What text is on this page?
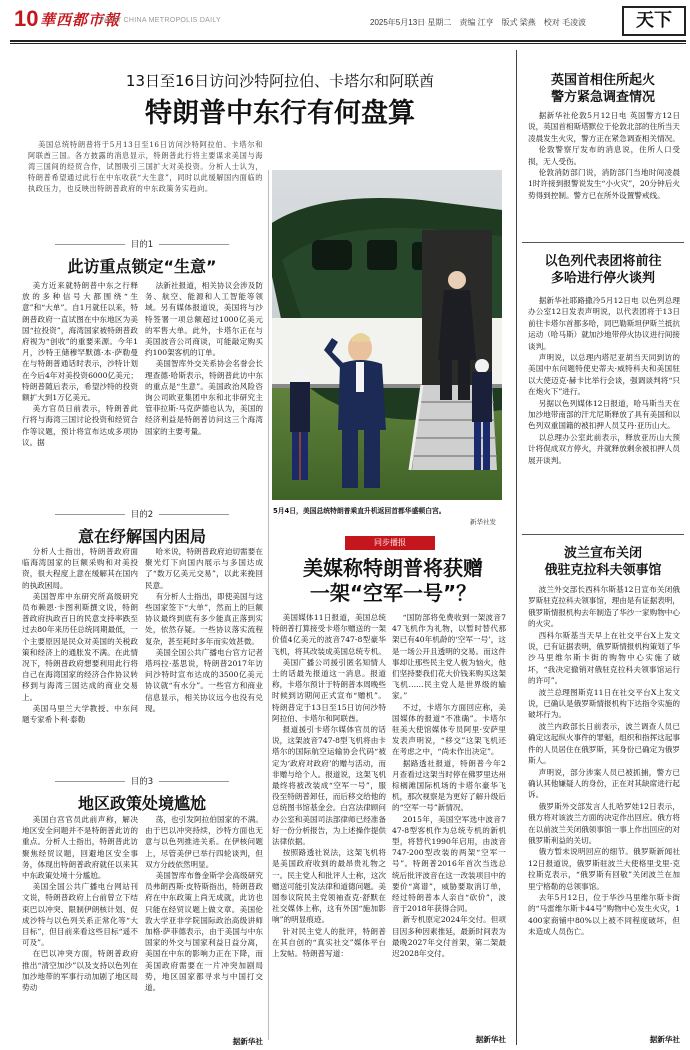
10 華西都市報
WEST CHINA METROPOLIS DAILY	2025年5月13日 星期二　责编 江亨　版式 梁燕　校对 毛凌波	天下
13日至16日访问沙特阿拉伯、卡塔尔和阿联酋
特朗普中东行有何盘算
美国总统特朗普将于5月13日至16日访问沙特阿拉伯、卡塔尔和阿联酋三国。各方披露的消息显示，特朗普此行将主要谋求美国与海湾三国间的经贸合作，试图吸引三国扩大对美投资。分析人士认为，特朗普希望通过此行在中东收获“大生意”，同时以此缓解国内面临的执政压力，也反映出特朗普政府的中东政策务实趋向。
目的1
此访重点锁定“生意”

美方近来就特朗普中东之行释放的多种信号大都围绕“生意”和“大单”。自1月就任以来，特朗普政府一直试图在中东地区为美国“拉投资”，海湾国家被特朗普政府视为“创收”的重要来源。今年1月，沙特王储穆罕默德·本·萨勒曼在与特朗普通话时表示，沙特计划在今后4年对美投资6000亿美元；特朗普随后表示，希望沙特的投资额扩大到1万亿美元。

美方官员日前表示，特朗普此行将与海湾三国讨论投资和经贸合作等议题，预计将宣布达成多项协议。据

法新社报道，相关协议会涉及防务、航空、能源和人工智能等领域。另有媒体报道说，美国将与沙特签署一项总额超过1000亿美元的军售大单。此外，卡塔尔正在与美国波音公司商谈，可能敲定购买约100架客机的订单。

美国智库外交关系协会名誉会长理查德·哈斯表示，特朗普此访中东的重点是“生意”。美国政治风险咨询公司欧亚集团中东和北非研究主管菲拉斯·马克萨德也认为，美国的经济利益是特朗普访问这三个海湾国家的主要考量。

5月4日，美国总统特朗普乘直升机返回首都华盛顿白宫。
新华社发
目的2
意在纾解国内困局

分析人士指出，特朗普政府面临海湾国家的巨额采购和对美投资，很大程度上意在缓解其在国内的执政困局。

美国智库中东研究所高级研究员布赖恩·卡图利斯撰文说，特朗普政府执政百日的民意支持率跌至过去80年来历任总统同期最低，一个主要原因是民众对美国的关税政策和经济上的通胀发不满。在此情况下，特朗普政府想要利用此行将自己在海湾国家的经济合作协议转移到与海湾三国达成的商业交易上。

美国马里兰大学教授、中东问题专家希卜利·泰勒

哈米说，特朗普政府迫切需要在聚光灯下向国内展示与多国达成了“数万亿美元交易”，以此来挽回民意。

有分析人士指出，即使美国与这些国家签下“大单”，然而上的巨额协议最终到底有多少能真正落到实处，依然存疑。一些协议落实流程复杂，甚至耗时多年而实效甚微。

美国全国公共广播电台官方记者塔玛拉·基思说，特朗普2017年访问沙特时宣布达成的3500亿美元协议就“有水分”。一些官方和商业信息显示，相关协议远今也没有兑现。

目的3
地区政策处境尴尬

美国白宫官员此前声称，解决地区安全问题并不是特朗普此访的重点。分析人士指出，特朗普此访聚焦经贸议题，回避地区安全事务，体现出特朗普政府就任以来其中东政策处境十分尴尬。

美国全国公共广播电台网站刊文说，特朗普政府上台前曾立下结束巴以冲突、限制伊朗核计划、促成沙特与以色列关系正常化等“大目标”，但目前来看这些目标“遥不可及”。

在巴以冲突方面，特朗普政府推出“清空加沙”以及支持以色列在加沙地带的军事行动加剧了地区局势动

荡，也引发阿拉伯国家的不满。由于巴以冲突持续，沙特方面也无意与以色列推进关系。在伊核问题上，尽管美伊已举行四轮谈判，但双方分歧依然明显。

美国智库布鲁金斯学会高级研究员弗朗西斯·皮特斯指出，特朗普政府在中东政策上尚无成就，此访也只能在经贸议题上做文章。美国伦敦大学亚非学院国际政治高级讲师加格·萨菲德表示，由于美国与中东国家的外交与国家利益日益分离，美国在中东的影响力正在下降，而美国政府需要在一片冲突加剧局势，地区国家都寻求与中国打交道。

据新华社
同步播报
美媒称特朗普将获赠
一架“空军一号”？

美国媒体11日报道，美国总统特朗普打算接受卡塔尔赠送的一架价值4亿美元的波音747-8型豪华飞机，将其改装成美国总统专机。

美国广播公司援引匿名知情人士的话最先报道这一消息。报道称，卡塔尔预计于特朗普本周晚些时候到访期间正式宣布“赠机”。特朗普定于13日至15日访问沙特阿拉伯、卡塔尔和阿联酋。

报道援引卡塔尔媒体官员的话说，这架波音747-8型飞机将由卡塔尔的国际航空运输协会代码“被定为‘政府对政府’的赠与活动，而非赠与给个人。报道说，这架飞机最终将被改装成“空军一号”，服役至特朗普卸任，而后移交给他的总统图书馆基金会。白宫法律顾问办公室和美国司法部律师已经准备好一份分析报告，为上述操作提供法律依据。

按照路透社说法，这架飞机将是美国政府收到的最昂贵礼物之一。民主党人和批评人士称，这次赠送可能引发法律和道德问题。美国参议院民主党领袖查克·舒默在社交媒体上称，这有外国“施加影响”的明显痕迹。

针对民主党人的批评，特朗普在其自创的“真实社交”媒体平台上发帖。特朗普写道：

“国防部将免费收到一架波音747飞机作为礼物，以暂时替代那架已有40年机龄的‘空军一号’，这是一场公开且透明的交易。而这件事却让那些民主党人极为恼火，他们坚持要我们花大价钱来购买这架飞机……民主党人是世界级的输家。”

不过，卡塔尔方面回应称，美国媒体的报道“不准确”。卡塔尔驻美大使馆媒体专员阿里·安萨里发表声明说，“移交”这架飞机还在考虑之中，“尚未作出决定”。

据路透社报道，特朗普今年2月查看过这架当时停在佛罗里达州棕榈滩国际机场的卡塔尔豪华飞机，那次视察是为更好了解升级后的“空军一号”新情况。

2015年，美国空军选中波音747-8型客机作为总统专机的新机型，将替代1990年启用，由波音747-200型改装的两架“空军一号”。特朗普2016年首次当选总统后批评波音在这一改装项目中的要价“离谱”，威胁要取消订单，经过特朗普本人亲自“砍价”，波音于2018年获得合同。

新专机原定2024年交付。但项目因多种因素推延，最新时间表为最晚2027年交付首架，第二架最迟2028年交付。

据新华社
英国首相住所起火
警方紧急调查情况

据新华社伦敦5月12日电 英国警方12日说，英国首相斯塔默位于伦敦北部的住所当天凌晨发生火灾，警方正在紧急调查相关情况。

伦敦警察厅发布的消息说，住所人口受损，无人受伤。

伦敦消防部门说，消防部门当地时间凌晨1时许接到报警说发生“小火灾”，20分钟后火势得到控制。警方已在所外设置警戒线。

以色列代表团将前往
多哈进行停火谈判

据新华社耶路撒冷5月12日电 以色列总理办公室12日发表声明说，以代表团将于13日前往卡塔尔首都多哈，同巴勒斯坦伊斯兰抵抗运动（哈马斯）就加沙地带停火协议进行间接谈判。

声明说，以总理内塔尼亚胡当天同到访的美国中东问题特使史蒂夫·威特科夫和美国驻以大使迈克·赫卡比举行会谈，强调谈判将“只在炮火下”进行。

另据以色列媒体12日报道，哈马斯当天在加沙地带南部的汗尤尼斯释放了具有美国和以色列双重国籍的被扣押人员艾丹·亚历山大。

以总理办公室此前表示，释放亚历山大预计将促成双方停火，并就释放剩余被扣押人员展开谈判。

波兰宣布关闭
俄驻克拉科夫领事馆

波兰外交部长西科尔斯基12日宣布关闭俄罗斯驻克拉科夫领事馆，理由是有证据表明，俄罗斯情报机构去年制造了华沙一家购物中心的火灾。

西科尔斯基当天早上在社交平台X上发文说，已有证据表明，俄罗斯情报机构策划了华沙马里维尔斯卡街的购物中心实施了破坏，“我决定撤销对俄驻克拉科夫领事馆运行的许可”。

波兰总理图斯克11日在社交平台X上发文说，已确认是俄罗斯情报机构下达指令实施的破坏行为。

波兰内政部长日前表示，波兰调查人员已确定这起纵火事件的罪魁，组织和指挥这起事件的人员居住在俄罗斯，其身份已确定为俄罗斯人。

声明说，部分涉案人员已被抓捕，警方已确认其他嫌疑人的身份，正在对其缺席进行起诉。

俄罗斯外交部发言人扎哈罗娃12日表示，俄方将对该波兰方面的决定作出回应。俄方将在以前波兰关闭俄领事馆一事上作出回应的对俄罗斯利益的关切。

俄方暂未说明回应的细节。俄罗斯新闻社12日报道说，俄罗斯驻波兰大使格里戈里·克拉斯克表示，“俄罗斯有回敬”关闭波兰在加里宁格勒的总领事馆。

去年5月12日，位于华沙马里维尔斯卡街的“马雷维尔斯卡44号”购物中心发生火灾，1400家商铺中80%以上被不同程度破坏，但未造成人员伤亡。

据新华社
